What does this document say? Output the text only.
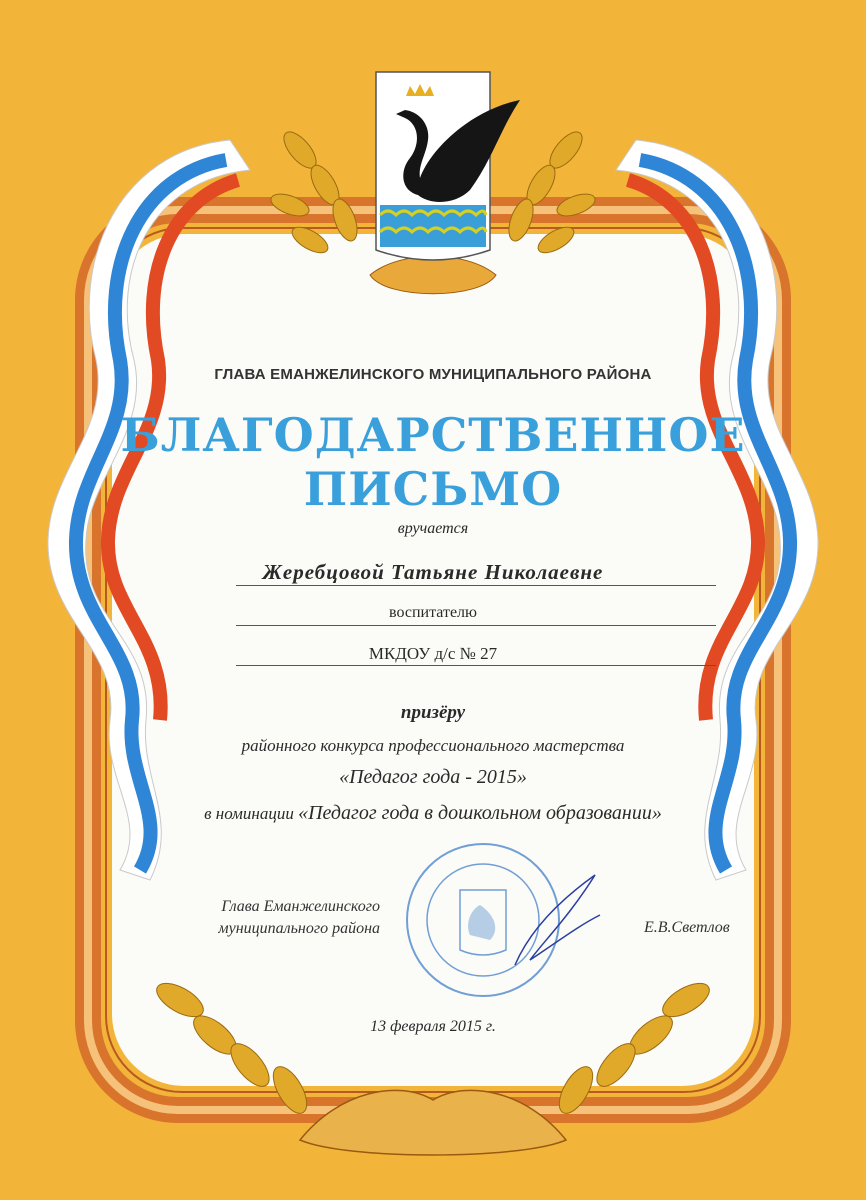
ГЛАВА ЕМАНЖЕЛИНСКОГО МУНИЦИПАЛЬНОГО РАЙОНА

БЛАГОДАРСТВЕННОЕ

ПИСЬМО

вручается

Жеребцовой Татьяне Николаевне

воспитателю

МКДОУ д/с № 27

призёру

районного конкурса профессионального мастерства

«Педагог года - 2015»

в номинации «Педагог года в дошкольном образовании»

Глава Еманжелинского
муниципального района	Е.В.Светлов

13 февраля 2015 г.
